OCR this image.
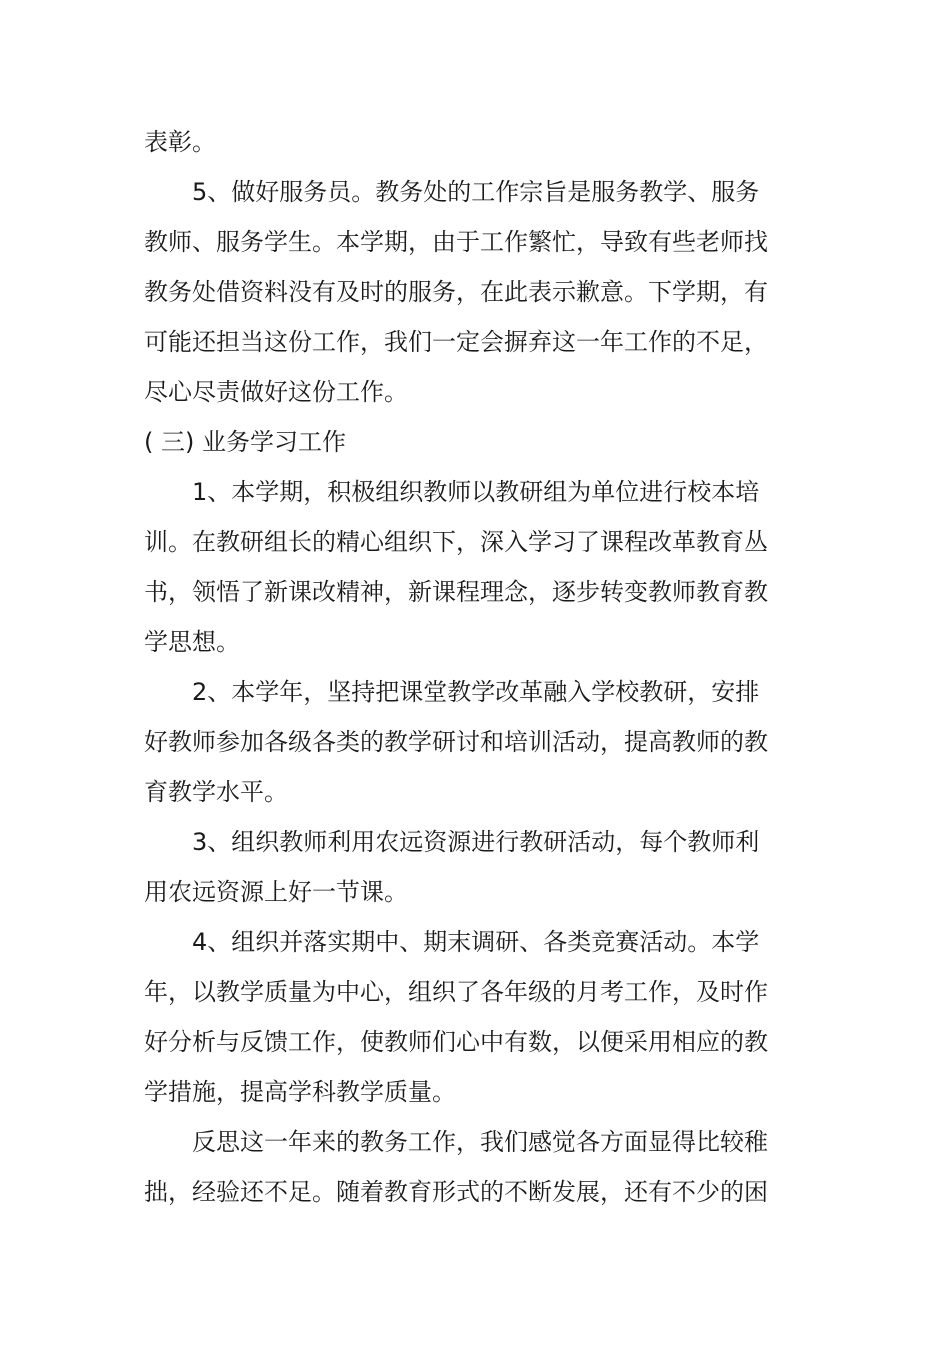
表彰。

5、做好服务员。教务处的工作宗旨是服务教学、服务

教师、服务学生。本学期，由于工作繁忙，导致有些老师找

教务处借资料没有及时的服务，在此表示歉意。下学期，有

可能还担当这份工作，我们一定会摒弃这一年工作的不足，

尽心尽责做好这份工作。

( 三) 业务学习工作

1、本学期，积极组织教师以教研组为单位进行校本培

训。在教研组长的精心组织下，深入学习了课程改革教育丛

书，领悟了新课改精神，新课程理念，逐步转变教师教育教

学思想。

2、本学年，坚持把课堂教学改革融入学校教研，安排

好教师参加各级各类的教学研讨和培训活动，提高教师的教

育教学水平。

3、组织教师利用农远资源进行教研活动，每个教师利

用农远资源上好一节课。

4、组织并落实期中、期末调研、各类竞赛活动。本学

年，以教学质量为中心，组织了各年级的月考工作，及时作

好分析与反馈工作，使教师们心中有数，以便采用相应的教

学措施，提高学科教学质量。

反思这一年来的教务工作，我们感觉各方面显得比较稚

拙，经验还不足。随着教育形式的不断发展，还有不少的困
